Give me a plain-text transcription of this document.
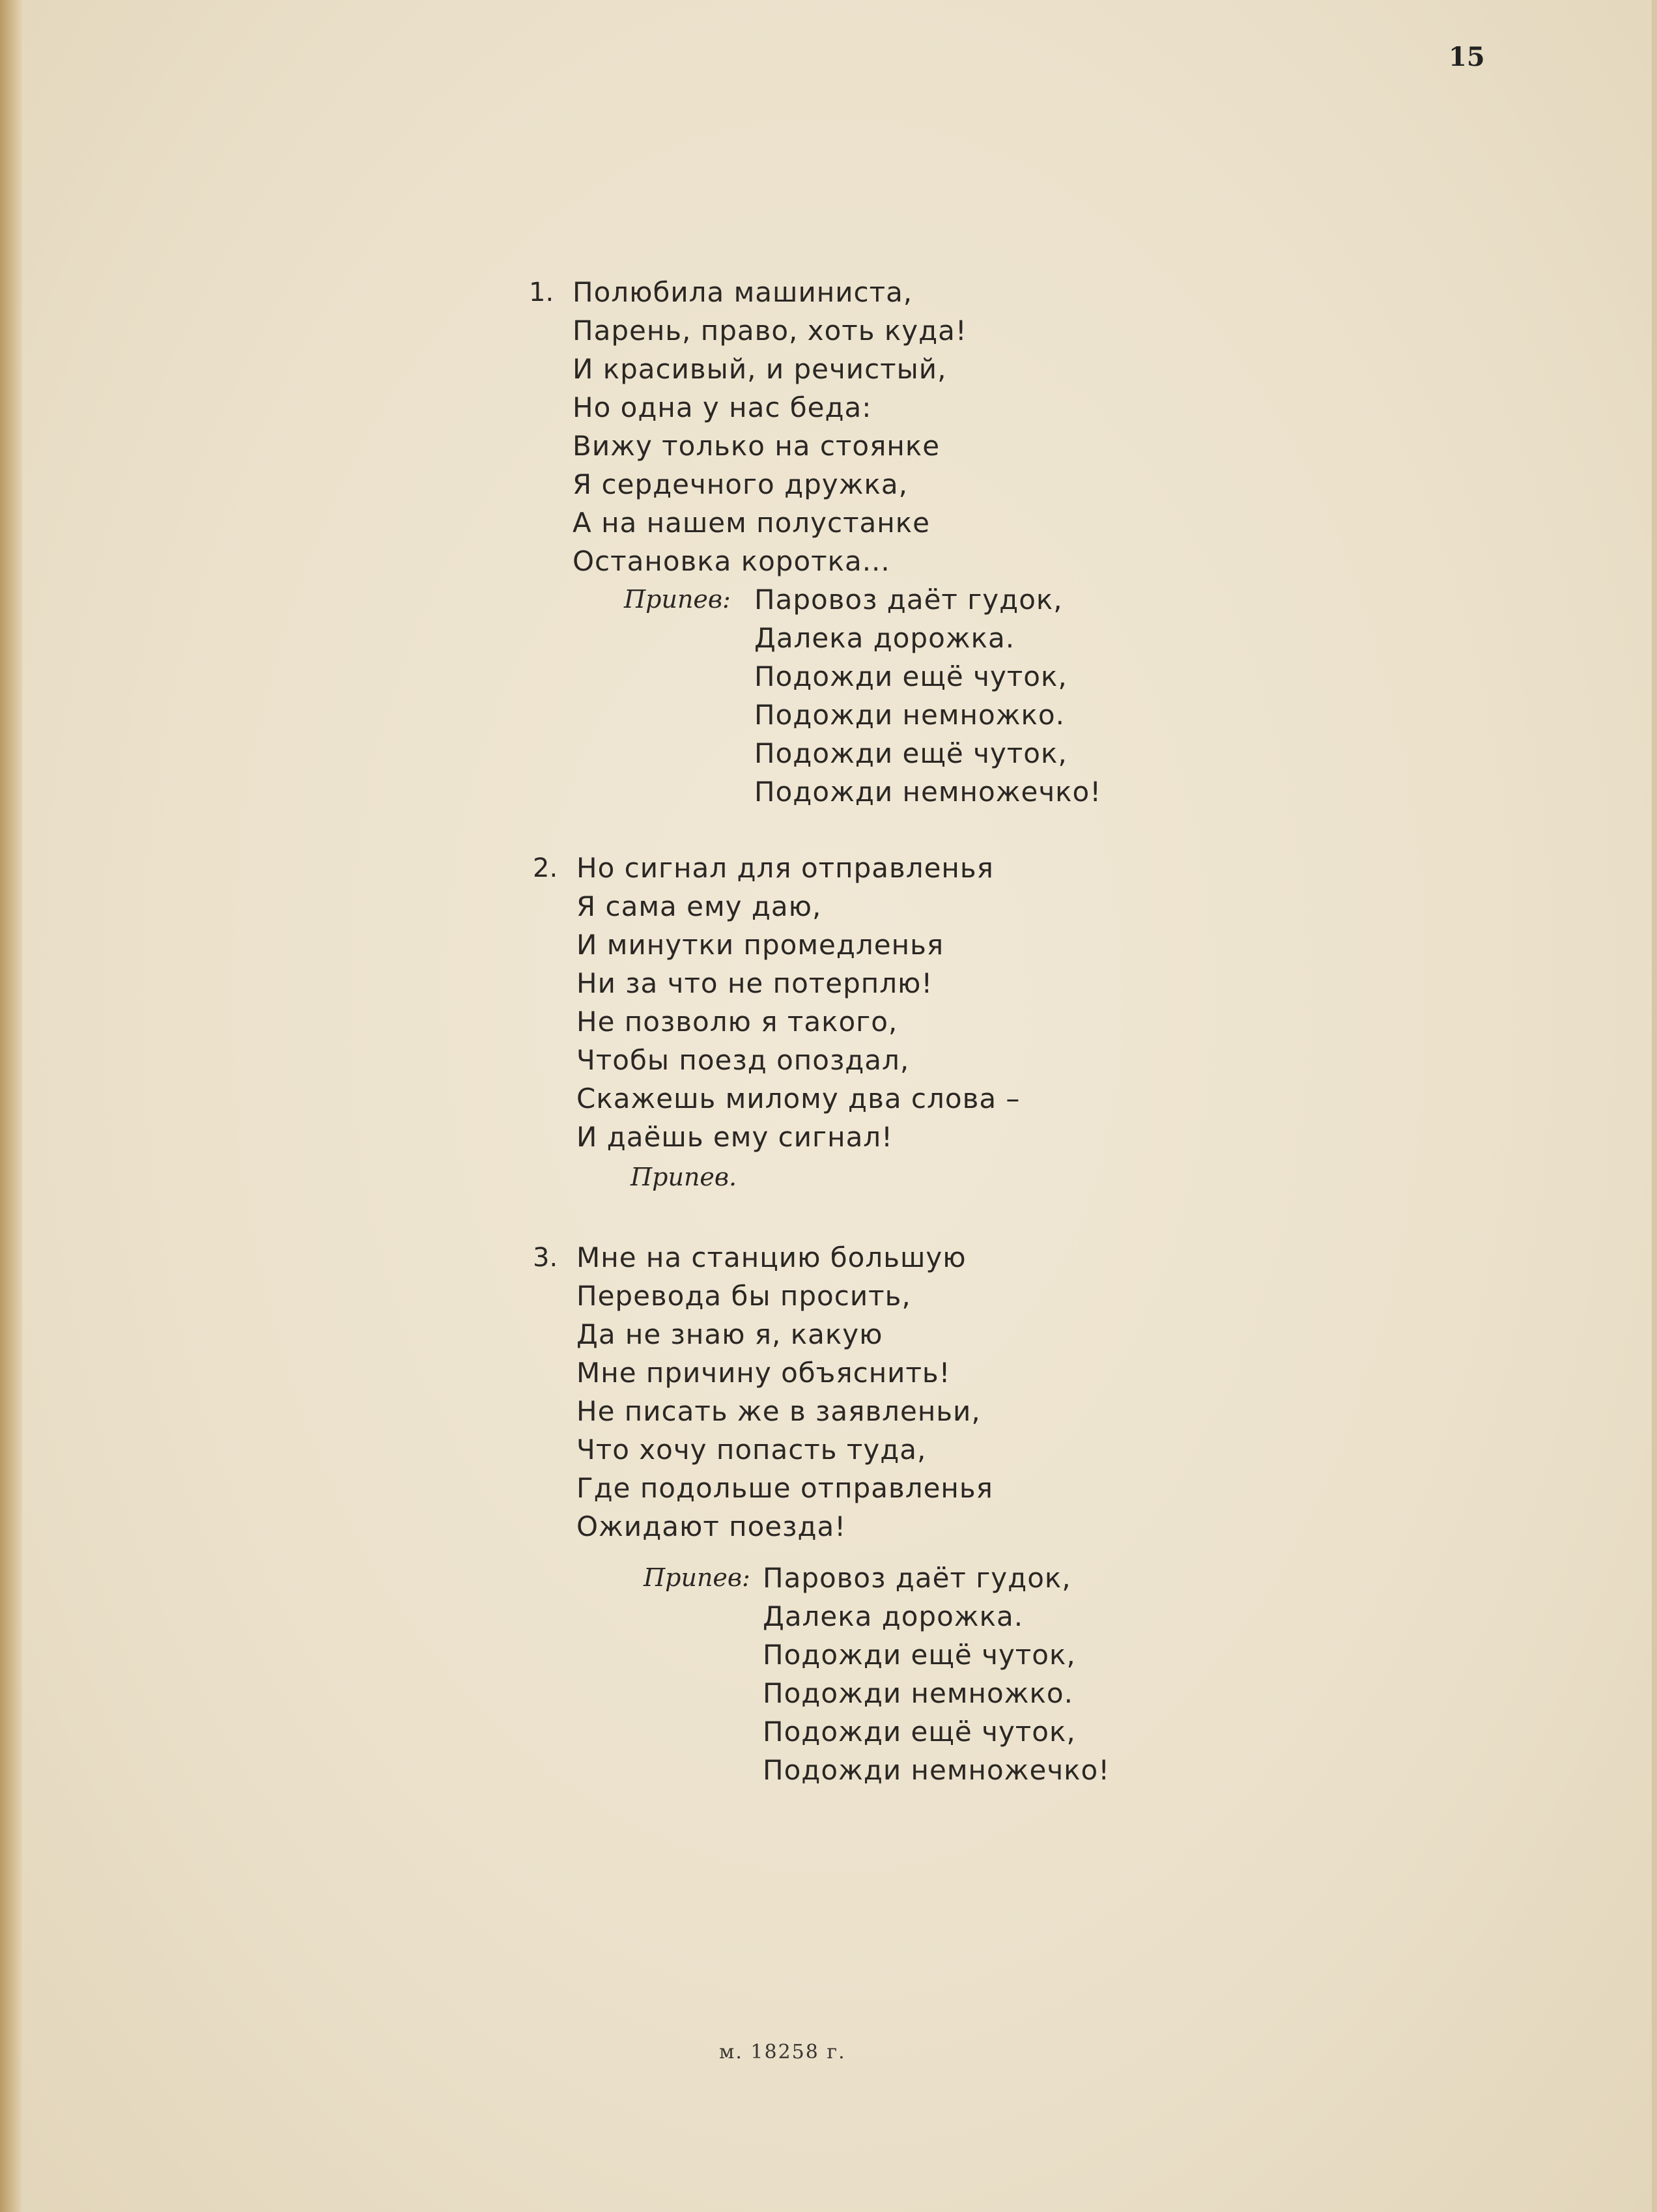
15
1. Полюбила машиниста,
Парень, право, хоть куда!
И красивый, и речистый,
Но одна у нас беда:
Вижу только на стоянке
Я сердечного дружка,
А на нашем полустанке
Остановка коротка...
Припев: Паровоз даёт гудок,
Далека дорожка.
Подожди ещё чуток,
Подожди немножко.
Подожди ещё чуток,
Подожди немножечко!
2. Но сигнал для отправленья
Я сама ему даю,
И минутки промедленья
Ни за что не потерплю!
Не позволю я такого,
Чтобы поезд опоздал,
Скажешь милому два слова –
И даёшь ему сигнал!
Припев.
3. Мне на станцию большую
Перевода бы просить,
Да не знаю я, какую
Мне причину объяснить!
Не писать же в заявленьи,
Что хочу попасть туда,
Где подольше отправленья
Ожидают поезда!
Припев: Паровоз даёт гудок,
Далека дорожка.
Подожди ещё чуток,
Подожди немножко.
Подожди ещё чуток,
Подожди немножечко!
м. 18258 г.
